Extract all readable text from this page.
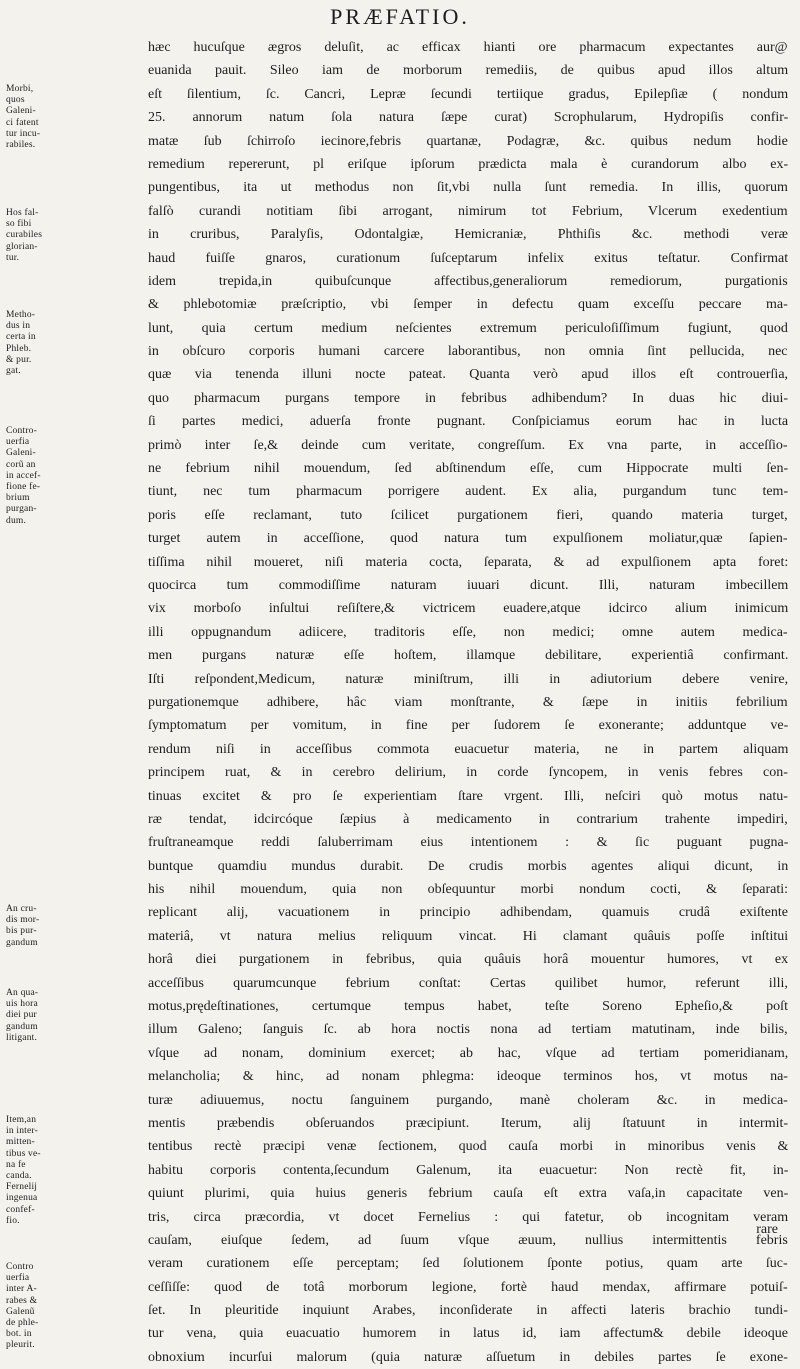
PRÆFATIO.
Morbi,
quos
Galeni-
ci fatent
tur incu-
rabiles.
Hos fal-
so fibi
curabiles
glorian-
tur.
Metho-
dus in
certa in
Phleb.
& pur.
gat.
Contro-
uerfia
Galeni-
corũ an
in accef-
fione fe-
brium
purgan-
dum.
An cru-
dis mor-
bis pur-
gandum
An qua-
uis hora
diei pur
gandum
litigant.
Item,an
in inter-
mitten-
tibus ve-
na fe
canda.
Fernelij
ingenua
confef-
fio.
Contro
uerfia
inter A-
rabes &
Galenũ
de phle-
bot. in
pleurit.
hæc hucuſque ægros deluſit, ac efficax hianti ore pharmacum expectantes aur@
euanida pauit. Sileo iam de morborum remediis, de quibus apud illos altum
eſt ſilentium, ſc. Cancri, Lepræ ſecundi tertiique gradus, Epilepſiæ ( nondum
25. annorum natum ſola natura ſæpe curat) Scrophularum, Hydropiſis confir-
matæ ſub ſchirroſo iecinore,febris quartanæ, Podagræ, &c. quibus nedum hodie
remedium repererunt, pl eriſque ipſorum prædicta mala è curandorum albo ex-
pungentibus, ita ut methodus non ſit,vbi nulla ſunt remedia. In illis, quorum
falſò curandi notitiam ſibi arrogant, nimirum tot Febrium, Vlcerum exedentium
in cruribus, Paralyſis, Odontalgiæ, Hemicraniæ, Phthiſis &c. methodi veræ
haud fuiſſe gnaros, curationum ſuſceptarum infelix exitus teſtatur. Confirmat
idem trepida,in quibuſcunque affectibus,generaliorum remediorum, purgationis
& phlebotomiæ præſcriptio, vbi ſemper in defectu quam exceſſu peccare ma-
lunt, quia certum medium neſcientes extremum periculoſiſſimum fugiunt, quod
in obſcuro corporis humani carcere laborantibus, non omnia ſint pellucida, nec
quæ via tenenda illuni nocte pateat. Quanta verò apud illos eſt controuerſia,
quo pharmacum purgans tempore in febribus adhibendum? In duas hic diui-
ſi partes medici, aduerſa fronte pugnant. Conſpiciamus eorum hac in lucta
primò inter ſe,& deinde cum veritate, congreſſum. Ex vna parte, in acceſſio-
ne febrium nihil mouendum, ſed abſtinendum eſſe, cum Hippocrate multi ſen-
tiunt, nec tum pharmacum porrigere audent. Ex alia, purgandum tunc tem-
poris eſſe reclamant, tuto ſcilicet purgationem fieri, quando materia turget,
turget autem in acceſſione, quod natura tum expulſionem moliatur,quæ ſapien-
tiſſima nihil moueret, niſi materia cocta, ſeparata, & ad expulſionem apta foret:
quocirca tum commodiſſime naturam iuuari dicunt. Illi, naturam imbecillem
vix morboſo inſultui reſiſtere,& victricem euadere,atque idcirco alium inimicum
illi oppugnandum adiicere, traditoris eſſe, non medici; omne autem medica-
men purgans naturæ eſſe hoſtem, illamque debilitare, experientiâ confirmant.
Iſti reſpondent,Medicum, naturæ miniſtrum, illi in adiutorium debere venire,
purgationemque adhibere, hâc viam monſtrante, & ſæpe in initiis febrilium
ſymptomatum per vomitum, in fine per ſudorem ſe exonerante; adduntque ve-
rendum niſi in acceſſibus commota euacuetur materia, ne in partem aliquam
principem ruat, & in cerebro delirium, in corde ſyncopem, in venis febres con-
tinuas excitet & pro ſe experientiam ſtare vrgent. Illi, neſciri quò motus natu-
ræ tendat, idcircóque ſæpius à medicamento in contrarium trahente impediri,
fruſtraneamque reddi ſaluberrimam eius intentionem : & ſic puguant pugna-
buntque quamdiu mundus durabit. De crudis morbis agentes aliqui dicunt, in
his nihil mouendum, quia non obſequuntur morbi nondum cocti, & ſeparati:
replicant alij, vacuationem in principio adhibendam, quamuis crudâ exiſtente
materiâ, vt natura melius reliquum vincat. Hi clamant quâuis poſſe inſtitui
horâ diei purgationem in febribus, quia quâuis horâ mouentur humores, vt ex
acceſſibus quarumcunque febrium conſtat: Certas quilibet humor, referunt illi,
motus,prędeſtinationes, certumque tempus habet, teſte Soreno Epheſio,& poſt
illum Galeno; ſanguis ſc. ab hora noctis nona ad tertiam matutinam, inde bilis,
vſque ad nonam, dominium exercet; ab hac, vſque ad tertiam pomeridianam,
melancholia; & hinc, ad nonam phlegma: ideoque terminos hos, vt motus na-
turæ adiuuemus, noctu ſanguinem purgando, manè choleram &c. in medica-
mentis præbendis obſeruandos præcipiunt. Iterum, alij ſtatuunt in intermit-
tentibus rectè præcipi venæ ſectionem, quod cauſa morbi in minoribus venis &
habitu corporis contenta,ſecundum Galenum, ita euacuetur: Non rectè fit, in-
quiunt plurimi, quia huius generis febrium cauſa eſt extra vaſa,in capacitate ven-
tris, circa præcordia, vt docet Fernelius : qui fatetur, ob incognitam veram
cauſam, eiuſque ſedem, ad ſuum vſque æuum, nullius intermittentis febris
veram curationem eſſe perceptam; ſed ſolutionem ſponte potius, quam arte ſuc-
ceſſiſſe: quod de totâ morborum legione, fortè haud mendax, affirmare potuiſ-
ſet. In pleuritide inquiunt Arabes, inconſiderate in affecti lateris brachio tundi-
tur vena, quia euacuatio humorem in latus id, iam affectum& debile ideoque
obnoxium incurſui malorum (quia naturæ aſſuetum in debiles partes ſe exone-
rare
